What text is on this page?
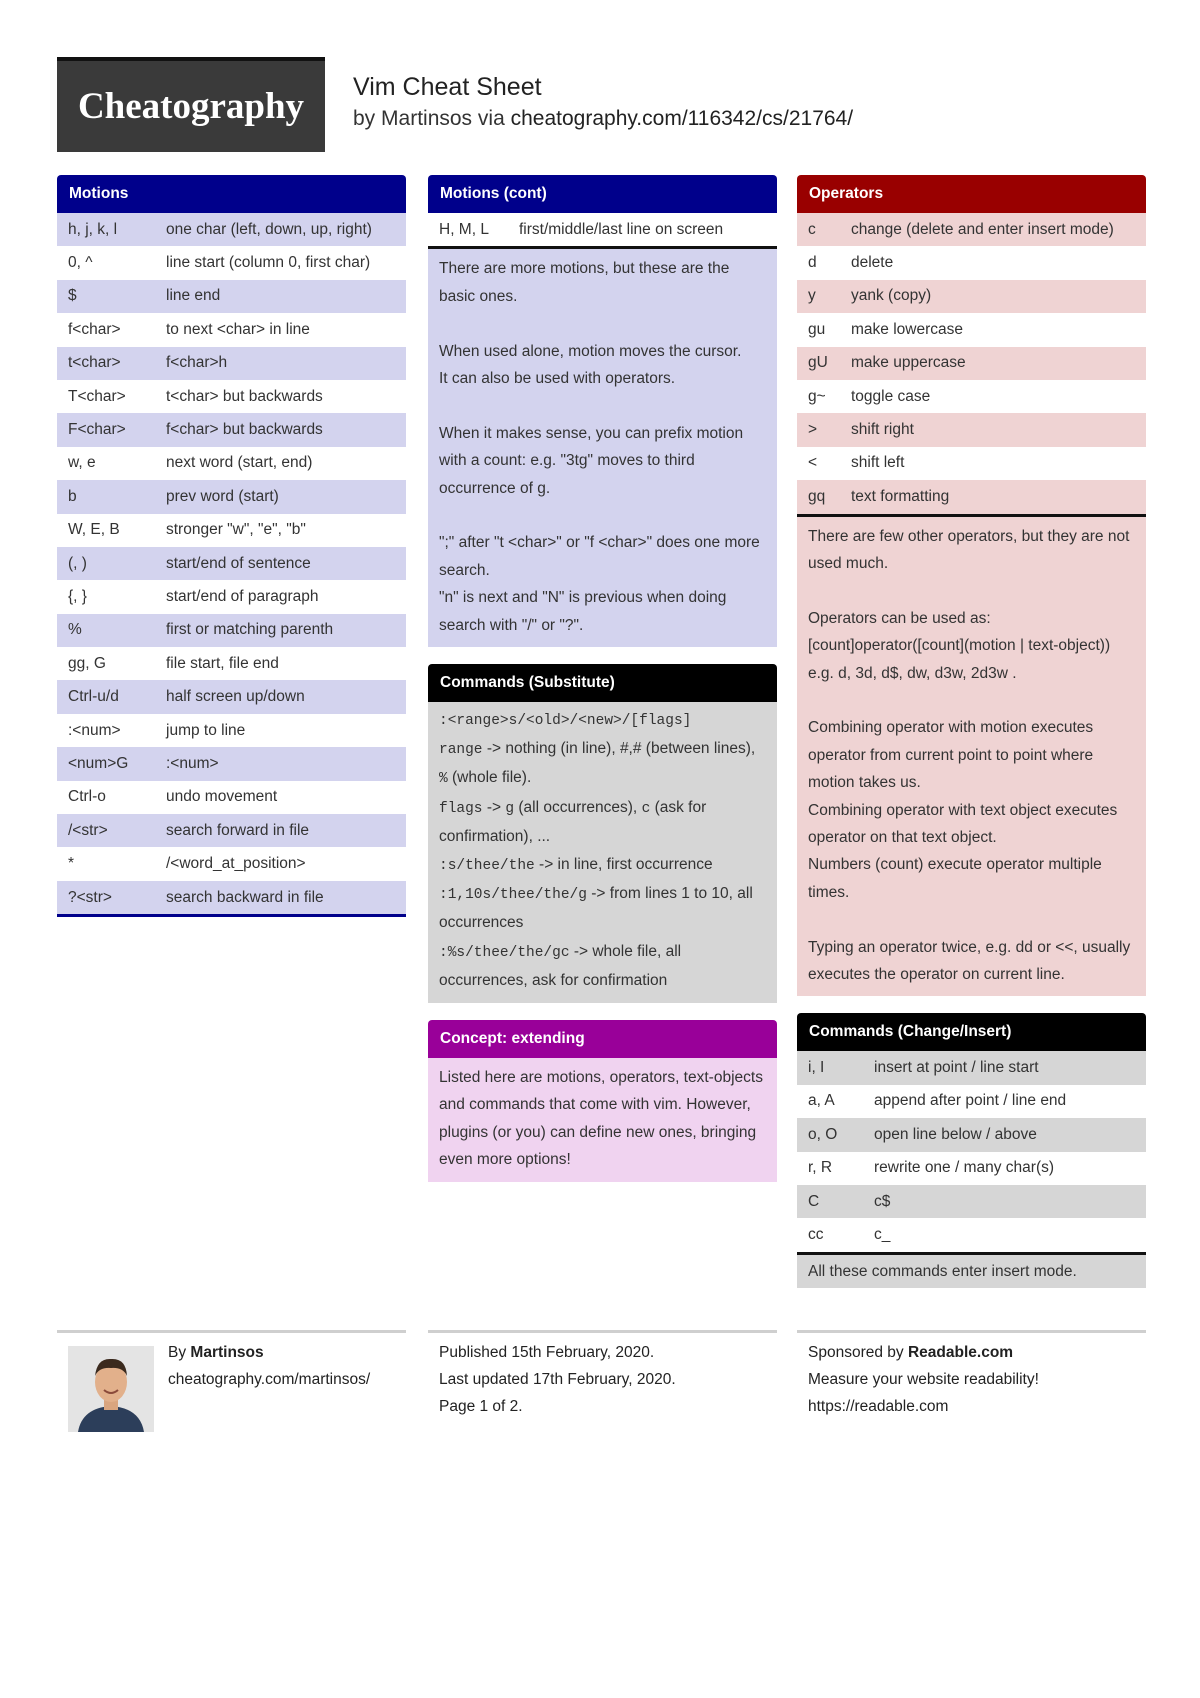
Cheatography Vim Cheat Sheet
by Martinsos via cheatography.com/116342/cs/21764/
Motions
h, j, k, l	one char (left, down, up, right)
0, ^	line start (column 0, first char)
$	line end
f<char>	to next <char> in line
t<char>	f<char>h
T<char>	t<char> but backwards
F<char>	f<char> but backwards
w, e	next word (start, end)
b	prev word (start)
W, E, B	stronger "w", "e", "b"
(, )	start/end of sentence
{, }	start/end of paragraph
%	first or matching parenth
gg, G	file start, file end
Ctrl-u/d	half screen up/down
:<num>	jump to line
<num>G	:<num>
Ctrl-o	undo movement
/<str>	search forward in file
*	/<word_at_position>
?<str>	search backward in file
Motions (cont)
H, M, L	first/middle/last line on screen

There are more motions, but these are the basic ones.

When used alone, motion moves the cursor.

It can also be used with operators.

When it makes sense, you can prefix motion with a count: e.g. "3tg" moves to third occurrence of g.

";" after "t <char>" or "f <char>" does one more search.

"n" is next and "N" is previous when doing search with "/" or "?".

Commands (Substitute)

:<range>s/<old>/<new>/[flags]

range -> nothing (in line), #,# (between lines), % (whole file).

flags -> g (all occurrences), c (ask for confirmation), ...

:s/thee/the -> in line, first occurrence

:1,10s/thee/the/g -> from lines 1 to 10, all occurrences

:%s/thee/the/gc -> whole file, all occurrences, ask for confirmation

Concept: extending
Listed here are motions, operators, text-objects and commands that come with vim. However, plugins (or you) can define new ones, bringing even more options!
Operators
c	change (delete and enter insert mode)
d	delete
y	yank (copy)
gu	make lowercase
gU	make uppercase
g~	toggle case
>	shift right
<	shift left
gq	text formatting

There are few other operators, but they are not used much.

Operators can be used as:

[count]operator([count](motion | text-object))

e.g. d, 3d, d$, dw, d3w, 2d3w .

Combining operator with motion executes operator from current point to point where motion takes us.

Combining operator with text object executes operator on that text object.

Numbers (count) execute operator multiple times.

Typing an operator twice, e.g. dd or <<, usually executes the operator on current line.

Commands (Change/Insert)
i, I	insert at point / line start
a, A	append after point / line end
o, O	open line below / above
r, R	rewrite one / many char(s)
C	c$
cc	c_
All these commands enter insert mode.
By Martinsos
cheatography.com/martinsos/
Published 15th February, 2020.
Last updated 17th February, 2020.
Page 1 of 2.
Sponsored by Readable.com
Measure your website readability!
https://readable.com
